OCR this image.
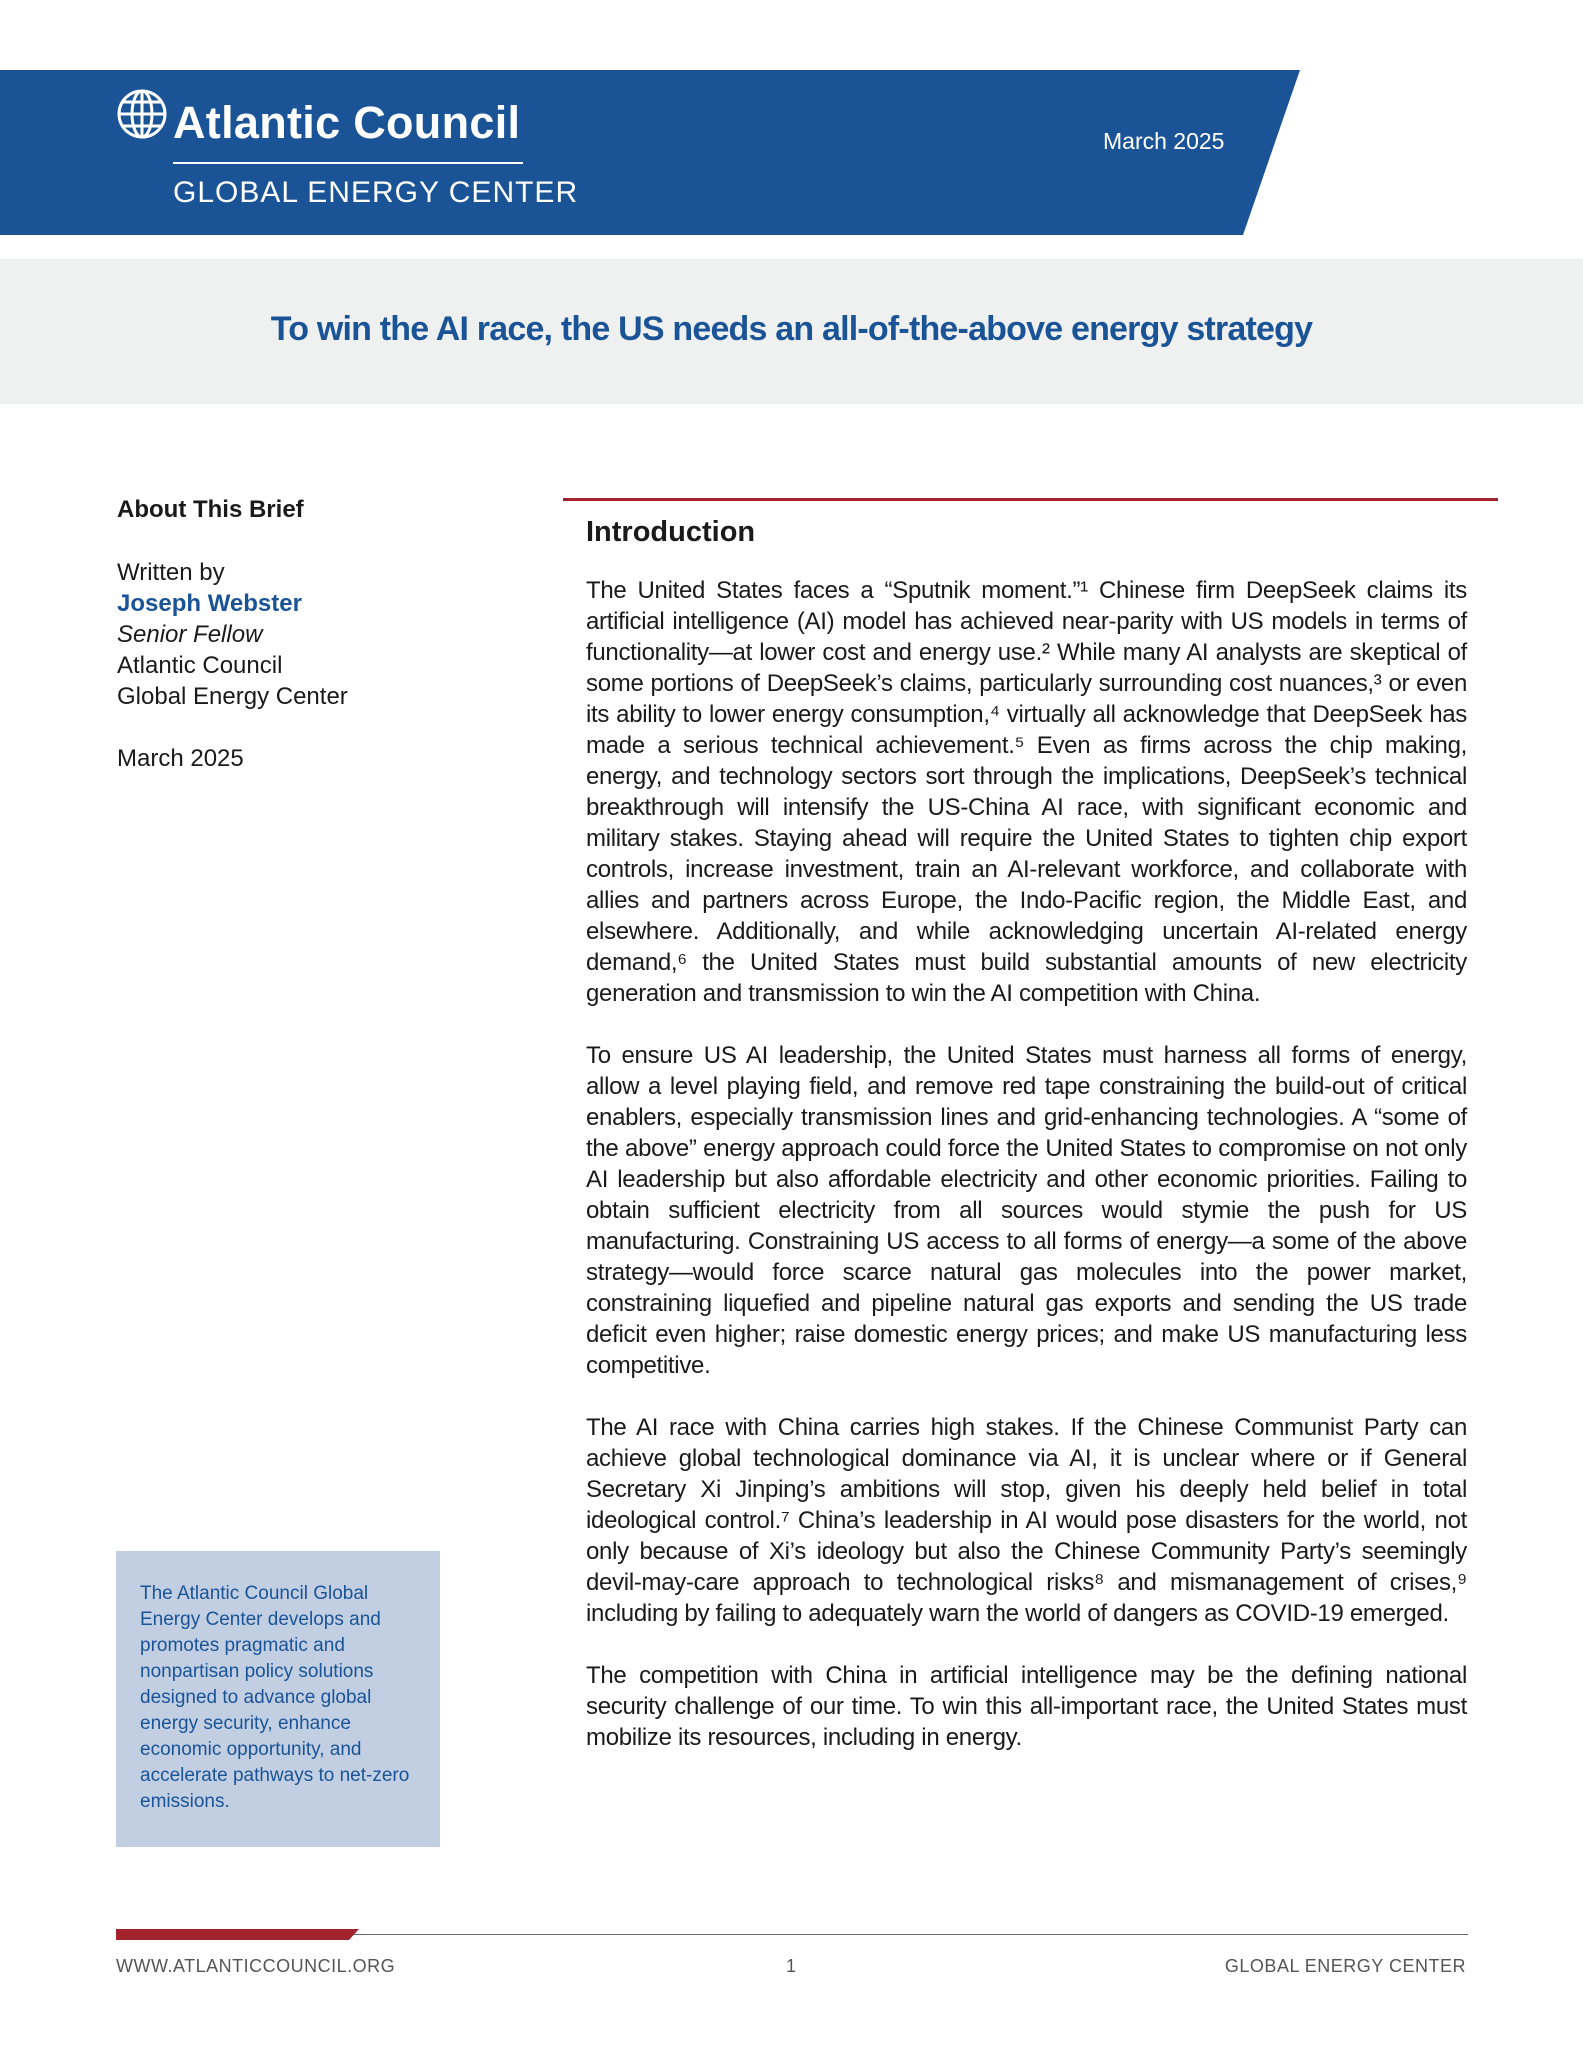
Atlantic Council
GLOBAL ENERGY CENTER
March 2025
To win the AI race, the US needs an all-of-the-above energy strategy
About This Brief
Written by
Joseph Webster
Senior Fellow
Atlantic Council
Global Energy Center
March 2025

The Atlantic Council Global Energy Center develops and promotes pragmatic and nonpartisan policy solutions designed to advance global energy security, enhance economic opportunity, and accelerate pathways to net-zero emissions.

Introduction

The United States faces a “Sputnik moment.”¹ Chinese firm DeepSeek claims its artificial intelligence (AI) model has achieved near-parity with US models in terms of functionality—at lower cost and energy use.² While many AI analysts are skeptical of some portions of DeepSeek’s claims, particularly surrounding cost nuances,³ or even its ability to lower energy consumption,⁴ virtually all acknowledge that DeepSeek has made a serious technical achievement.⁵ Even as firms across the chip making, energy, and technology sectors sort through the implications, DeepSeek’s technical breakthrough will intensify the US-China AI race, with significant economic and military stakes. Staying ahead will require the United States to tighten chip export controls, increase investment, train an AI-relevant workforce, and collaborate with allies and partners across Europe, the Indo-Pacific region, the Middle East, and elsewhere. Additionally, and while acknowledging uncertain AI-related energy demand,⁶ the United States must build substantial amounts of new electricity generation and transmission to win the AI competition with China.

To ensure US AI leadership, the United States must harness all forms of energy, allow a level playing field, and remove red tape constraining the build-out of critical enablers, especially transmission lines and grid-enhancing technologies. A “some of the above” energy approach could force the United States to compromise on not only AI leadership but also affordable electricity and other economic priorities. Failing to obtain sufficient electricity from all sources would stymie the push for US manufacturing. Constraining US access to all forms of energy—a some of the above strategy—would force scarce natural gas molecules into the power market, constraining liquefied and pipeline natural gas exports and sending the US trade deficit even higher; raise domestic energy prices; and make US manufacturing less competitive.

The AI race with China carries high stakes. If the Chinese Communist Party can achieve global technological dominance via AI, it is unclear where or if General Secretary Xi Jinping’s ambitions will stop, given his deeply held belief in total ideological control.⁷ China’s leadership in AI would pose disasters for the world, not only because of Xi’s ideology but also the Chinese Community Party’s seemingly devil-may-care approach to technological risks⁸ and mismanagement of crises,⁹ including by failing to adequately warn the world of dangers as COVID-19 emerged.

The competition with China in artificial intelligence may be the defining national security challenge of our time. To win this all-important race, the United States must mobilize its resources, including in energy.

WWW.ATLANTICCOUNCIL.ORG	1	GLOBAL ENERGY CENTER
